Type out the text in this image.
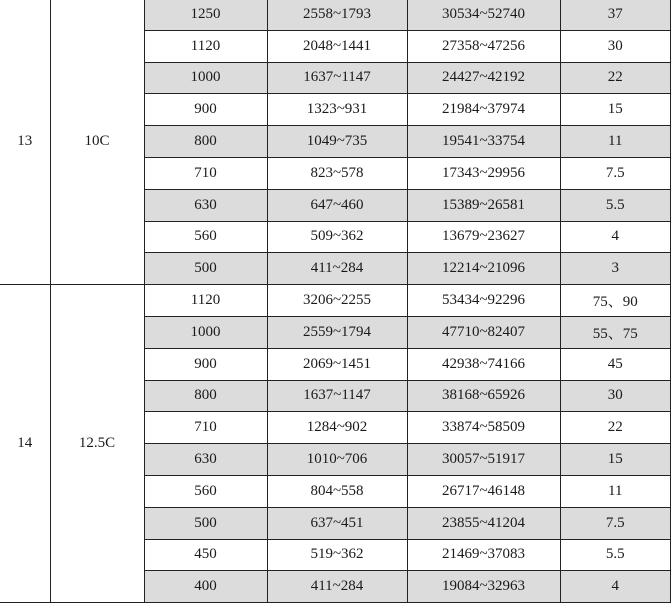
13	10C	1250	2558~1793	30534~52740	37
		1120	2048~1441	27358~47256	30
		1000	1637~1147	24427~42192	22
		900	1323~931	21984~37974	15
		800	1049~735	19541~33754	11
		710	823~578	17343~29956	7.5
		630	647~460	15389~26581	5.5
		560	509~362	13679~23627	4
		500	411~284	12214~21096	3
14	12.5C	1120	3206~2255	53434~92296	75、90
		1000	2559~1794	47710~82407	55、75
		900	2069~1451	42938~74166	45
		800	1637~1147	38168~65926	30
		710	1284~902	33874~58509	22
		630	1010~706	30057~51917	15
		560	804~558	26717~46148	11
		500	637~451	23855~41204	7.5
		450	519~362	21469~37083	5.5
		400	411~284	19084~32963	4
